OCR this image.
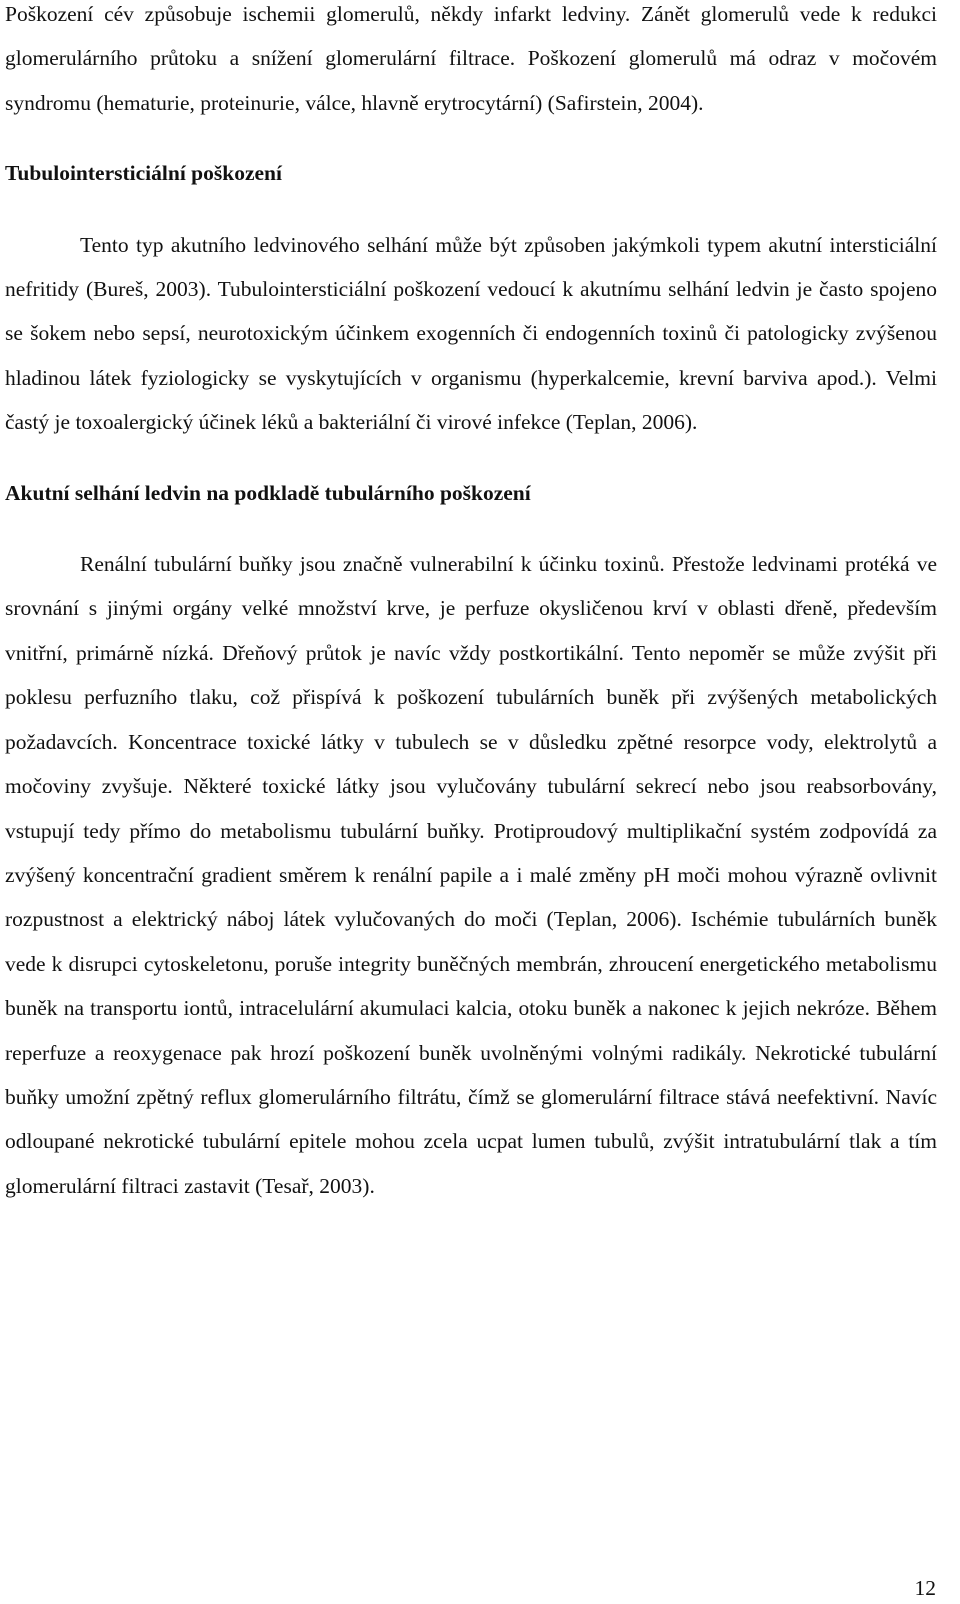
Poškození cév způsobuje ischemii glomerulů, někdy infarkt ledviny. Zánět glomerulů vede k redukci glomerulárního průtoku a snížení glomerulární filtrace. Poškození glomerulů má odraz v močovém syndromu (hematurie, proteinurie, válce, hlavně erytrocytární) (Safirstein, 2004).

Tubulointersticiální poškození

Tento typ akutního ledvinového selhání může být způsoben jakýmkoli typem akutní intersticiální nefritidy (Bureš, 2003). Tubulointersticiální poškození vedoucí k akutnímu selhání ledvin je často spojeno se šokem nebo sepsí, neurotoxickým účinkem exogenních či endogenních toxinů či patologicky zvýšenou hladinou látek fyziologicky se vyskytujících v organismu (hyperkalcemie, krevní barviva apod.). Velmi častý je toxoalergický účinek léků a bakteriální či virové infekce (Teplan, 2006).

Akutní selhání ledvin na podkladě tubulárního poškození

Renální tubulární buňky jsou značně vulnerabilní k účinku toxinů. Přestože ledvinami protéká ve srovnání s jinými orgány velké množství krve, je perfuze okysličenou krví v oblasti dřeně, především vnitřní, primárně nízká. Dřeňový průtok je navíc vždy postkortikální. Tento nepoměr se může zvýšit při poklesu perfuzního tlaku, což přispívá k poškození tubulárních buněk při zvýšených metabolických požadavcích. Koncentrace toxické látky v tubulech se v důsledku zpětné resorpce vody, elektrolytů a močoviny zvyšuje. Některé toxické látky jsou vylučovány tubulární sekrecí nebo jsou reabsorbovány, vstupují tedy přímo do metabolismu tubulární buňky. Protiproudový multiplikační systém zodpovídá za zvýšený koncentrační gradient směrem k renální papile a i malé změny pH moči mohou výrazně ovlivnit rozpustnost a elektrický náboj látek vylučovaných do moči (Teplan, 2006). Ischémie tubulárních buněk vede k disrupci cytoskeletonu, poruše integrity buněčných membrán, zhroucení energetického metabolismu buněk na transportu iontů, intracelulární akumulaci kalcia, otoku buněk a nakonec k jejich nekróze. Během reperfuze a reoxygenace pak hrozí poškození buněk uvolněnými volnými radikály. Nekrotické tubulární buňky umožní zpětný reflux glomerulárního filtrátu, čímž se glomerulární filtrace stává neefektivní. Navíc odloupané nekrotické tubulární epitele mohou zcela ucpat lumen tubulů, zvýšit intratubulární tlak a tím glomerulární filtraci zastavit (Tesař, 2003).

12
